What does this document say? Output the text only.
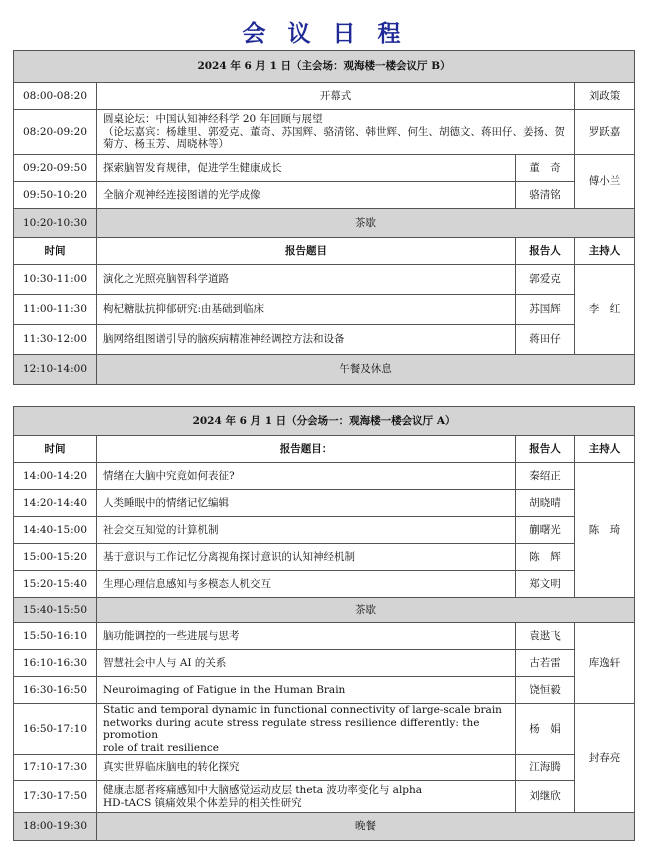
会 议 日 程
2024 年 6 月 1 日（主会场：观海楼一楼会议厅 B）			
08:00-08:20	开幕式		刘政策
08:20-09:20	圆桌论坛：中国认知神经科学 20 年回顾与展望
（论坛嘉宾：杨雄里、郭爱克、董奇、苏国辉、骆清铭、韩世辉、何生、胡德文、蒋田仔、姜扬、贺菊方、杨玉芳、周晓林等）		罗跃嘉
09:20-09:50	探索脑智发育规律，促进学生健康成长	董　奇	傅小兰
09:50-10:20	全脑介观神经连接图谱的光学成像	骆清铭	
10:20-10:30	茶歇		
时间	报告题目	报告人	主持人
10:30-11:00	演化之光照亮脑智科学道路	郭爱克	李　红
11:00-11:30	枸杞糖肽抗抑郁研究:由基础到临床	苏国辉	
11:30-12:00	脑网络组图谱引导的脑疾病精准神经调控方法和设备	蒋田仔	
12:10-14:00	午餐及休息		
2024 年 6 月 1 日（分会场一：观海楼一楼会议厅 A）			
时间	报告题目：	报告人	主持人
14:00-14:20	情绪在大脑中究竟如何表征?	秦绍正	陈　琦
14:20-14:40	人类睡眠中的情绪记忆编辑	胡晓晴	
14:40-15:00	社会交互知觉的计算机制	蒯曙光	
15:00-15:20	基于意识与工作记忆分离视角探讨意识的认知神经机制	陈　辉	
15:20-15:40	生理心理信息感知与多模态人机交互	郑文明	
15:40-15:50	茶歇		
15:50-16:10	脑功能调控的一些进展与思考	袁逖飞	库逸轩
16:10-16:30	智慧社会中人与 AI 的关系	古若雷	
16:30-16:50	Neuroimaging of Fatigue in the Human Brain	饶恒毅	
16:50-17:10	Static and temporal dynamic in functional connectivity of large-scale brain
networks during acute stress regulate stress resilience differently: the promotion
role of trait resilience	杨　娟	封春亮
17:10-17:30	真实世界临床脑电的转化探究	江海腾	
17:30-17:50	健康志愿者疼痛感知中大脑感觉运动皮层 theta 波功率变化与 alpha
HD-tACS 镇痛效果个体差异的相关性研究	刘继欣	
18:00-19:30	晚餐		
